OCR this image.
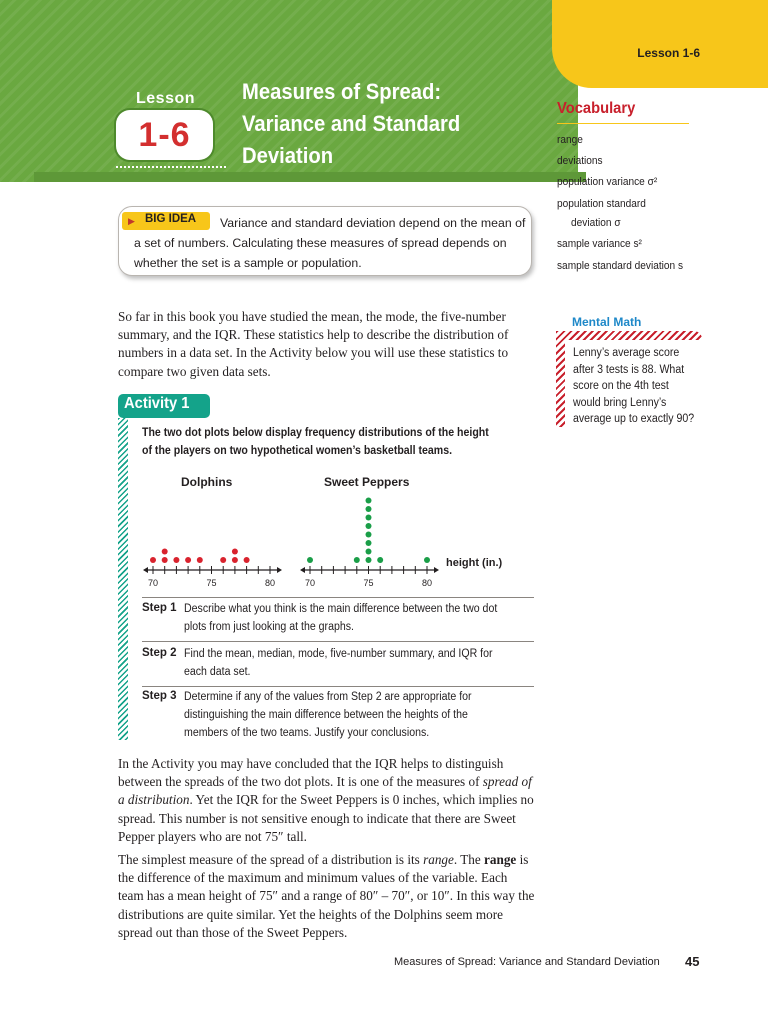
Lesson 1-6
Lesson
1-6
Measures of Spread:
Variance and Standard
Deviation
▶ BIG IDEA	Variance and standard deviation depend on the mean of a set of numbers. Calculating these measures of spread depends on whether the set is a sample or population.
Vocabulary
range
deviations
population variance σ²
population standard
deviation σ
sample variance s²
sample standard deviation s
Mental Math
Lenny’s average score after 3 tests is 88. What score on the 4th test would bring Lenny’s average up to exactly 90?
So far in this book you have studied the mean, the mode, the five-number summary, and the IQR. These statistics help to describe the distribution of numbers in a data set. In the Activity below you will use these statistics to compare two given data sets.
Activity 1
The two dot plots below display frequency distributions of the height of the players on two hypothetical women’s basketball teams.
Dolphins	Sweet Peppers
70	75	80	70	75	80
height (in.)
Step 1 Describe what you think is the main difference between the two dot plots from just looking at the graphs.
Step 2 Find the mean, median, mode, five-number summary, and IQR for each data set.
Step 3 Determine if any of the values from Step 2 are appropriate for distinguishing the main difference between the heights of the members of the two teams. Justify your conclusions.
In the Activity you may have concluded that the IQR helps to distinguish between the spreads of the two dot plots. It is one of the measures of spread of a distribution. Yet the IQR for the Sweet Peppers is 0 inches, which implies no spread. This number is not sensitive enough to indicate that there are Sweet Pepper players who are not 75″ tall.
The simplest measure of the spread of a distribution is its range. The range is the difference of the maximum and minimum values of the variable. Each team has a mean height of 75″ and a range of 80″ – 70″, or 10″. In this way the distributions are quite similar. Yet the heights of the Dolphins seem more spread out than those of the Sweet Peppers.
Measures of Spread: Variance and Standard Deviation 45
